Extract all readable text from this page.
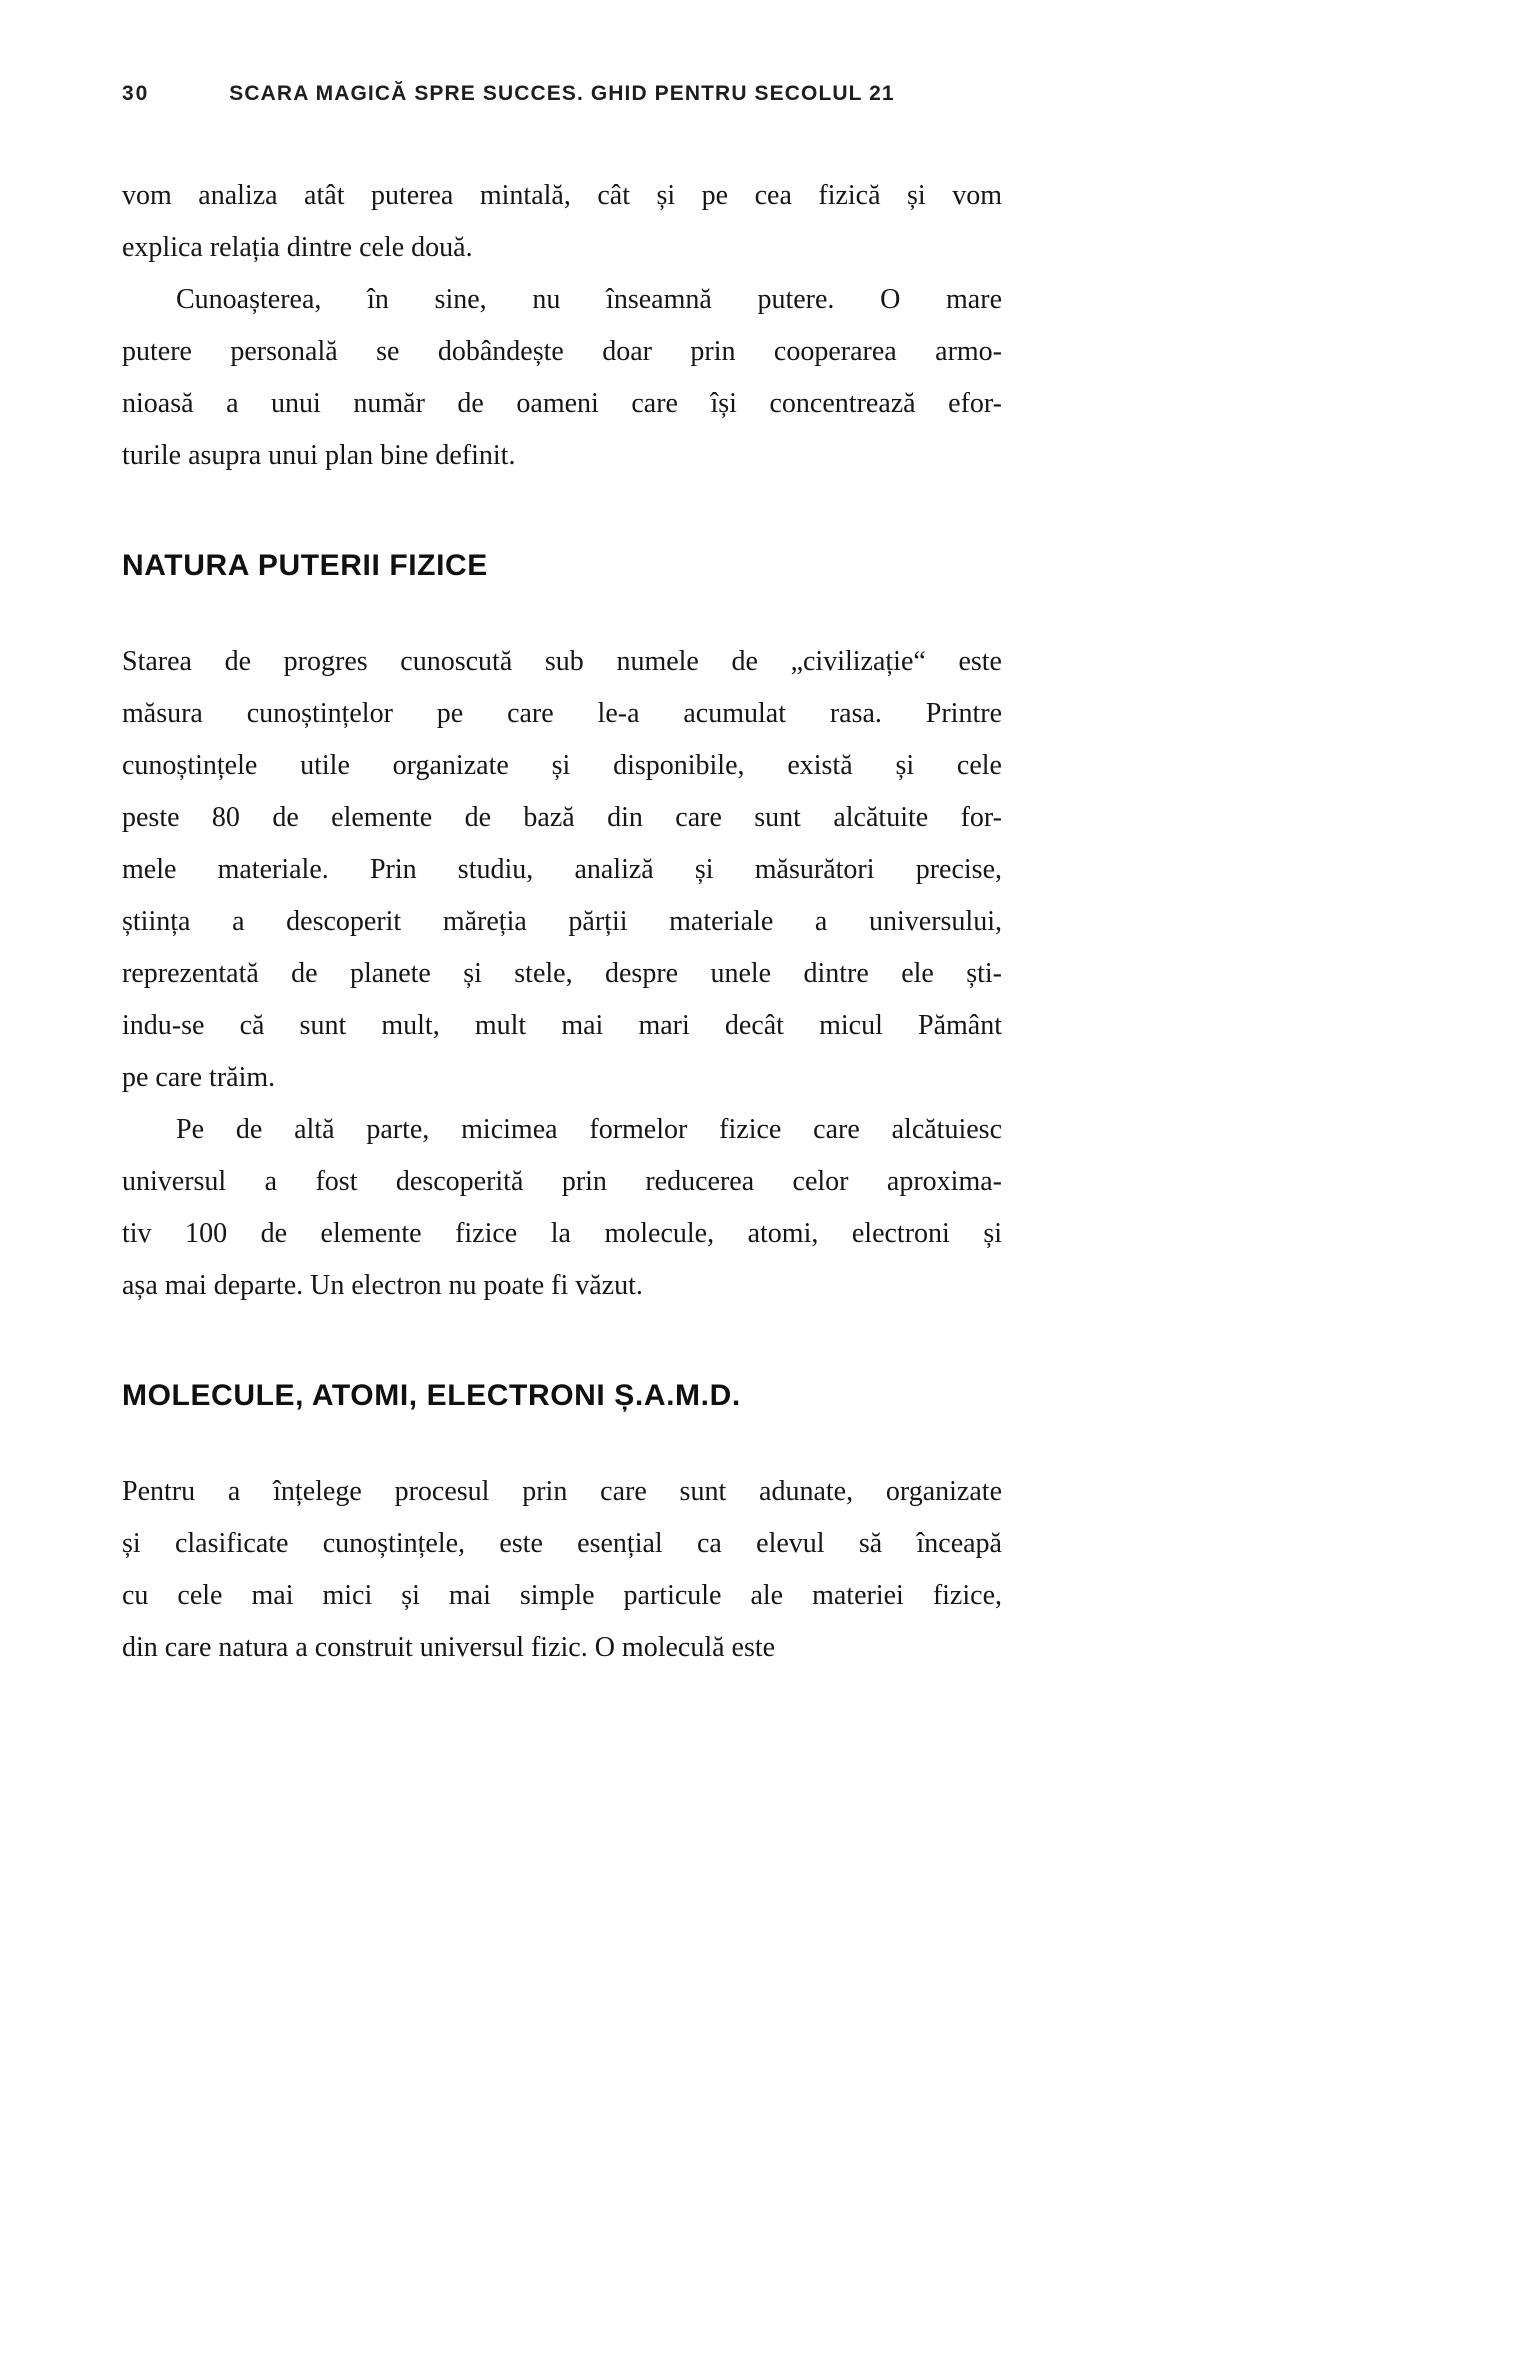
30	SCARA MAGICĂ SPRE SUCCES. GHID PENTRU SECOLUL 21

vom analiza atât puterea mintală, cât și pe cea fizică și vom
explica relația dintre cele două.

Cunoașterea, în sine, nu înseamnă putere. O mare
putere personală se dobândește doar prin cooperarea armo-
nioasă a unui număr de oameni care își concentrează efor-
turile asupra unui plan bine definit.

NATURA PUTERII FIZICE

Starea de progres cunoscută sub numele de „civilizație“ este
măsura cunoștințelor pe care le-a acumulat rasa. Printre
cunoștințele utile organizate și disponibile, există și cele
peste 80 de elemente de bază din care sunt alcătuite for-
mele materiale. Prin studiu, analiză și măsurători precise,
știința a descoperit măreția părții materiale a universului,
reprezentată de planete și stele, despre unele dintre ele ști-
indu-se că sunt mult, mult mai mari decât micul Pământ
pe care trăim.

Pe de altă parte, micimea formelor fizice care alcătuiesc
universul a fost descoperită prin reducerea celor aproxima-
tiv 100 de elemente fizice la molecule, atomi, electroni și
așa mai departe. Un electron nu poate fi văzut.

MOLECULE, ATOMI, ELECTRONI Ș.A.M.D.

Pentru a înțelege procesul prin care sunt adunate, organizate
și clasificate cunoștințele, este esențial ca elevul să înceapă
cu cele mai mici și mai simple particule ale materiei fizice,
din care natura a construit universul fizic. O moleculă este
